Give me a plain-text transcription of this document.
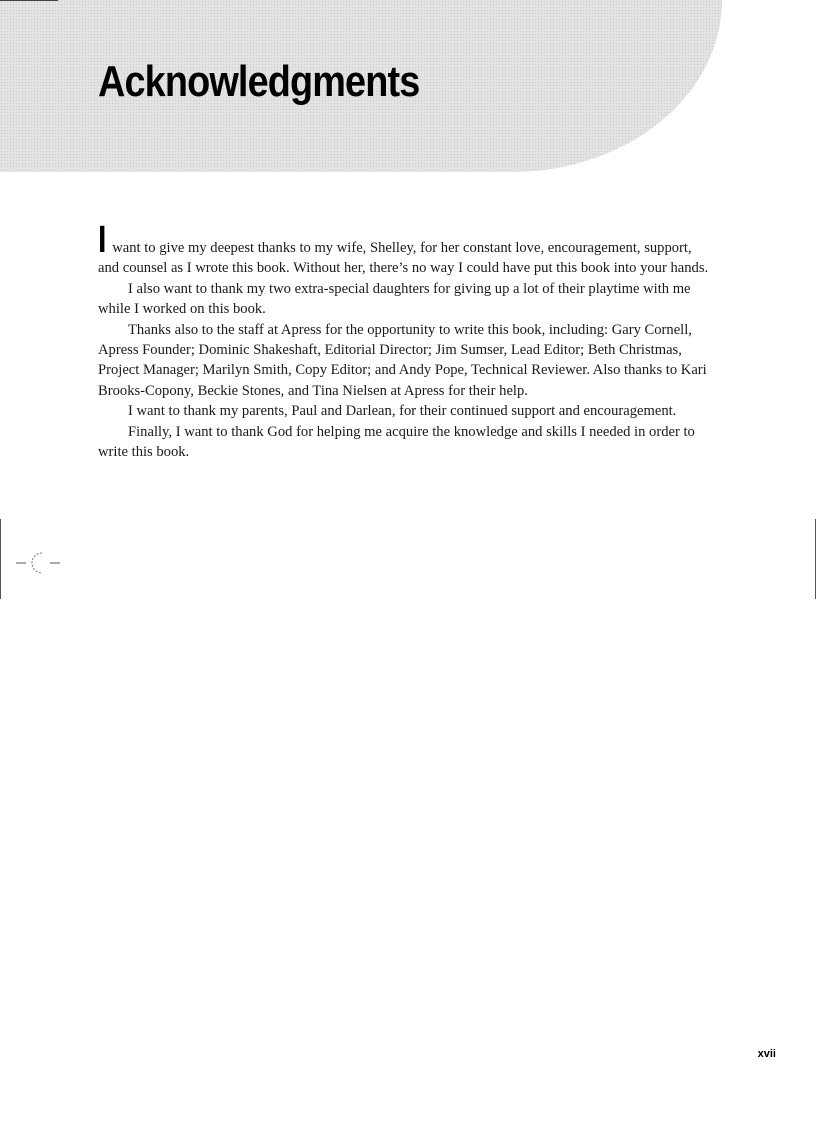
Acknowledgments

I want to give my deepest thanks to my wife, Shelley, for her constant love, encouragement, support, and counsel as I wrote this book. Without her, there’s no way I could have put this book into your hands.

I also want to thank my two extra-special daughters for giving up a lot of their playtime with me while I worked on this book.

Thanks also to the staff at Apress for the opportunity to write this book, including: Gary Cornell, Apress Founder; Dominic Shakeshaft, Editorial Director; Jim Sumser, Lead Editor; Beth Christmas, Project Manager; Marilyn Smith, Copy Editor; and Andy Pope, Technical Reviewer. Also thanks to Kari Brooks-Copony, Beckie Stones, and Tina Nielsen at Apress for their help.

I want to thank my parents, Paul and Darlean, for their continued support and encouragement.

Finally, I want to thank God for helping me acquire the knowledge and skills I needed in order to write this book.

xvii
